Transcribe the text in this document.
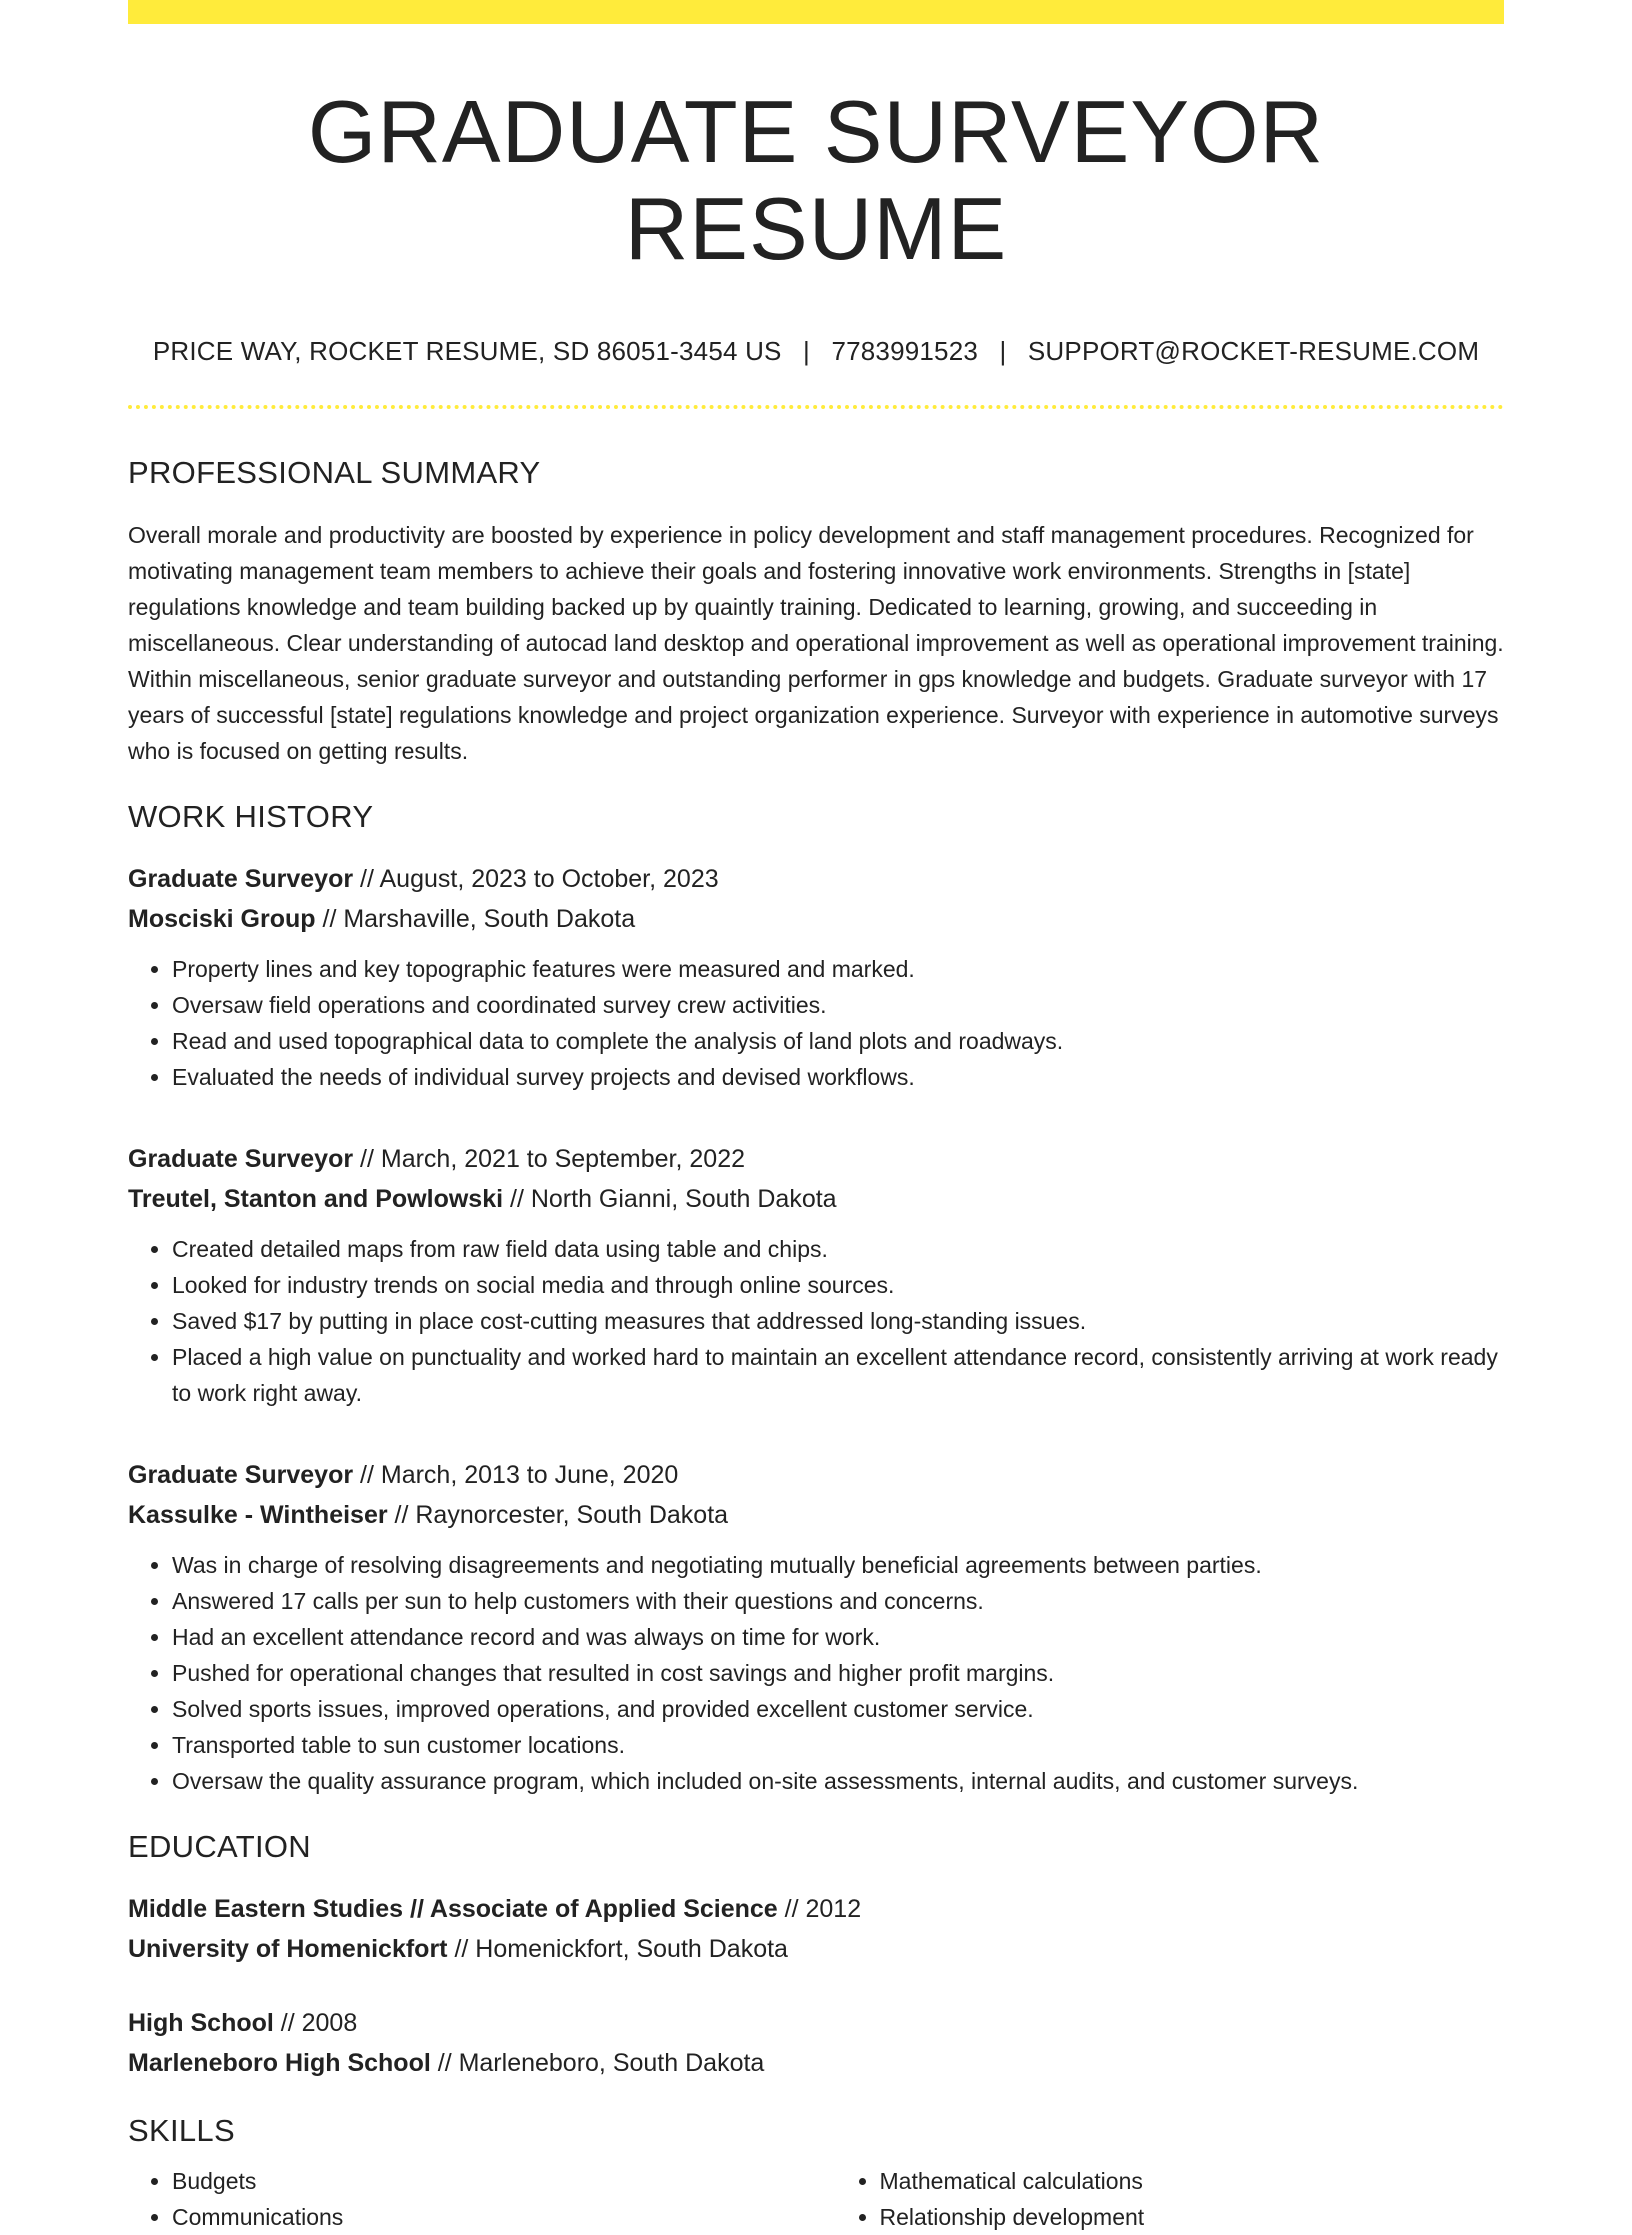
GRADUATE SURVEYOR RESUME
PRICE WAY, ROCKET RESUME, SD 86051-3454 US | 7783991523 | SUPPORT@ROCKET-RESUME.COM
PROFESSIONAL SUMMARY

Overall morale and productivity are boosted by experience in policy development and staff management procedures. Recognized for motivating management team members to achieve their goals and fostering innovative work environments. Strengths in [state] regulations knowledge and team building backed up by quaintly training. Dedicated to learning, growing, and succeeding in miscellaneous. Clear understanding of autocad land desktop and operational improvement as well as operational improvement training. Within miscellaneous, senior graduate surveyor and outstanding performer in gps knowledge and budgets. Graduate surveyor with 17 years of successful [state] regulations knowledge and project organization experience. Surveyor with experience in automotive surveys who is focused on getting results.

WORK HISTORY
Graduate Surveyor // August, 2023 to October, 2023
Mosciski Group // Marshaville, South Dakota
• Property lines and key topographic features were measured and marked.
• Oversaw field operations and coordinated survey crew activities.
• Read and used topographical data to complete the analysis of land plots and roadways.
• Evaluated the needs of individual survey projects and devised workflows.
Graduate Surveyor // March, 2021 to September, 2022
Treutel, Stanton and Powlowski // North Gianni, South Dakota
• Created detailed maps from raw field data using table and chips.
• Looked for industry trends on social media and through online sources.
• Saved $17 by putting in place cost-cutting measures that addressed long-standing issues.
• Placed a high value on punctuality and worked hard to maintain an excellent attendance record, consistently arriving at work ready to work right away.
Graduate Surveyor // March, 2013 to June, 2020
Kassulke - Wintheiser // Raynorcester, South Dakota
• Was in charge of resolving disagreements and negotiating mutually beneficial agreements between parties.
• Answered 17 calls per sun to help customers with their questions and concerns.
• Had an excellent attendance record and was always on time for work.
• Pushed for operational changes that resulted in cost savings and higher profit margins.
• Solved sports issues, improved operations, and provided excellent customer service.
• Transported table to sun customer locations.
• Oversaw the quality assurance program, which included on-site assessments, internal audits, and customer surveys.
EDUCATION
Middle Eastern Studies // Associate of Applied Science // 2012
University of Homenickfort // Homenickfort, South Dakota
High School // 2008
Marleneboro High School // Marleneboro, South Dakota
SKILLS
• Budgets
• Communications
• Mathematical calculations
• Relationship development
